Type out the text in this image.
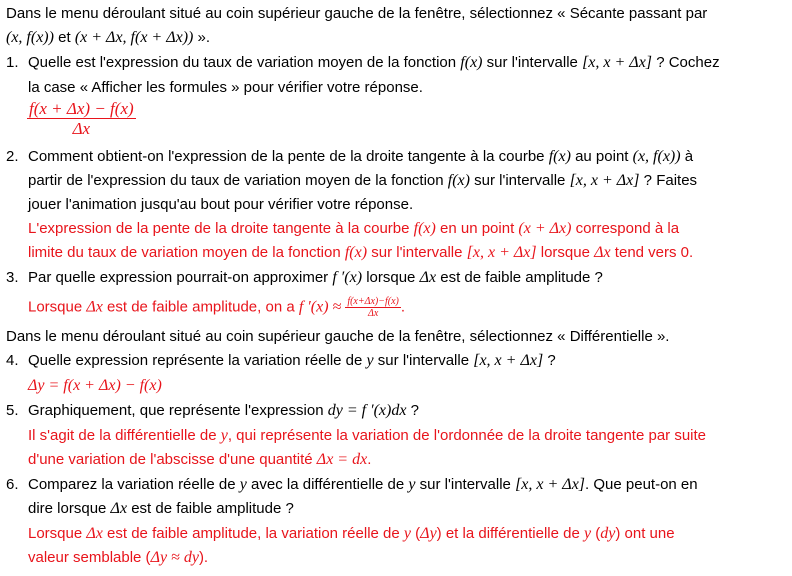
Dans le menu déroulant situé au coin supérieur gauche de la fenêtre, sélectionnez « Sécante passant par
(x, f(x)) et (x + Δx, f(x + Δx)) ».
1. Quelle est l'expression du taux de variation moyen de la fonction f(x) sur l'intervalle [x, x + Δx] ? Cochez
la case « Afficher les formules » pour vérifier votre réponse.
$\frac{f(x + \Delta x) - f(x)}{\Delta x}$
2. Comment obtient-on l'expression de la pente de la droite tangente à la courbe f(x) au point (x, f(x)) à
partir de l'expression du taux de variation moyen de la fonction f(x) sur l'intervalle [x, x + Δx] ? Faites
jouer l'animation jusqu'au bout pour vérifier votre réponse.
L'expression de la pente de la droite tangente à la courbe f(x) en un point (x + Δx) correspond à la
limite du taux de variation moyen de la fonction f(x) sur l'intervalle [x, x + Δx] lorsque Δx tend vers 0.
3. Par quelle expression pourrait-on approximer f ′(x) lorsque Δx est de faible amplitude ?
Lorsque Δx est de faible amplitude, on a f $'(x) \approx \frac{f(x+\Delta x)-f(x)}{\Delta x}$ .
Dans le menu déroulant situé au coin supérieur gauche de la fenêtre, sélectionnez « Différentielle ».
4. Quelle expression représente la variation réelle de y sur l'intervalle [x, x + Δx] ?
Δy = f(x + Δx) − f(x)
5. Graphiquement, que représente l'expression dy = f ′(x)dx ?
Il s'agit de la différentielle de y, qui représente la variation de l'ordonnée de la droite tangente par suite
d'une variation de l'abscisse d'une quantité Δx = dx.
6. Comparez la variation réelle de y avec la différentielle de y sur l'intervalle [x, x + Δx]. Que peut-on en
dire lorsque Δx est de faible amplitude ?
Lorsque Δx est de faible amplitude, la variation réelle de y (Δy) et la différentielle de y (dy) ont une
valeur semblable (Δy ≈ dy).
